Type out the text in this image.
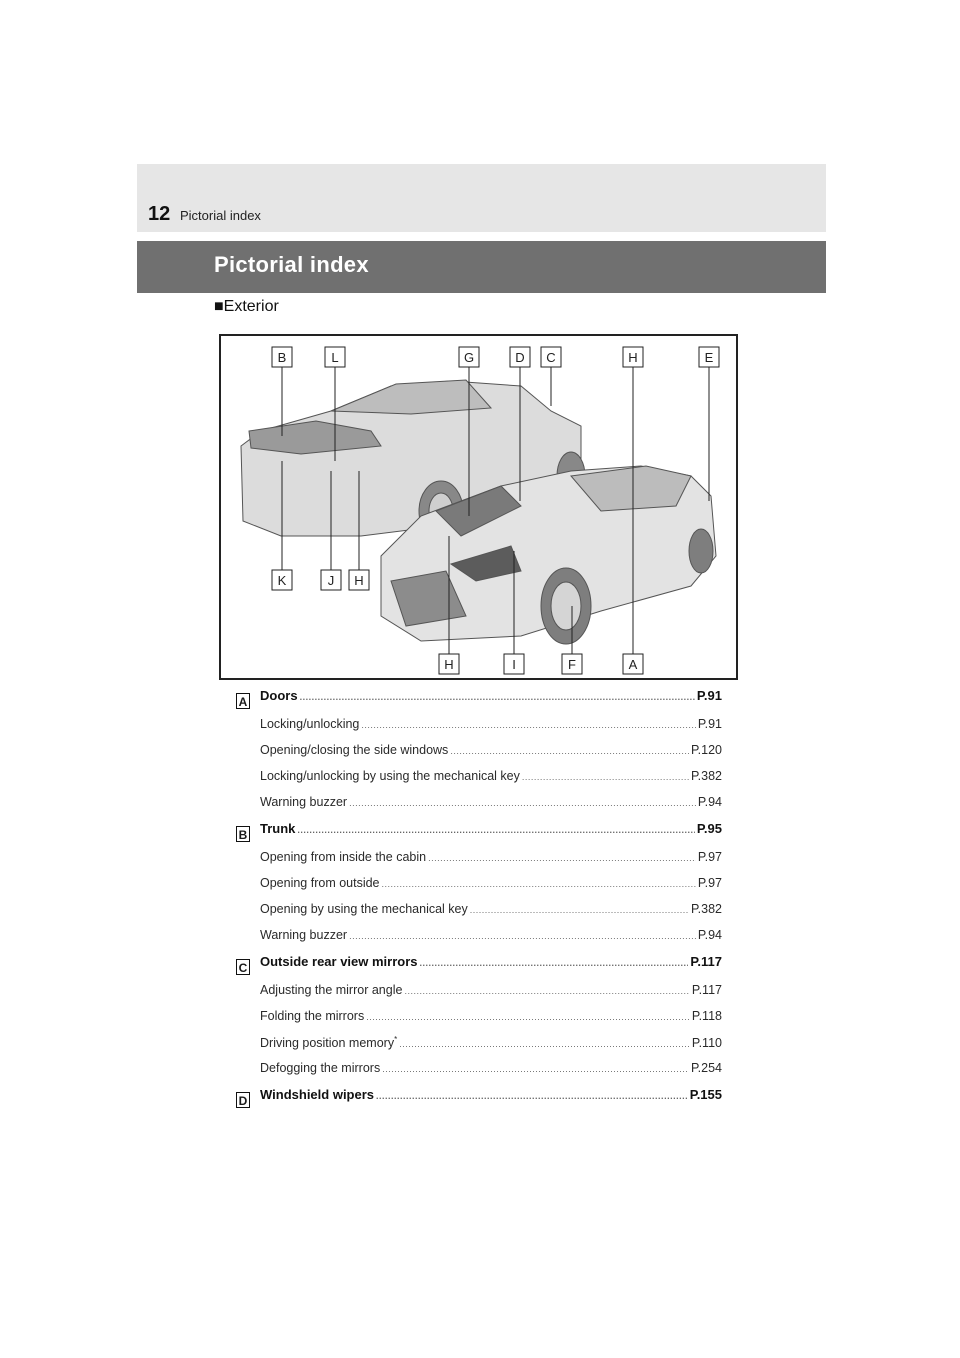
12 Pictorial index
Pictorial index
■Exterior
B	L	G	D C	H	E
K	J H
H	I	F	A
A Doors .....	P.91
Locking/unlocking .....	P.91
Opening/closing the side windows .....	P.120
Locking/unlocking by using the mechanical key .....	P.382
Warning buzzer .....	P.94
B Trunk .....	P.95
Opening from inside the cabin .....	P.97
Opening from outside .....	P.97
Opening by using the mechanical key .....	P.382
Warning buzzer .....	P.94
C Outside rear view mirrors .....	P.117
Adjusting the mirror angle .....	P.117
Folding the mirrors .....	P.118
Driving position memory* .....	P.110
Defogging the mirrors .....	P.254
D Windshield wipers .....	P.155
